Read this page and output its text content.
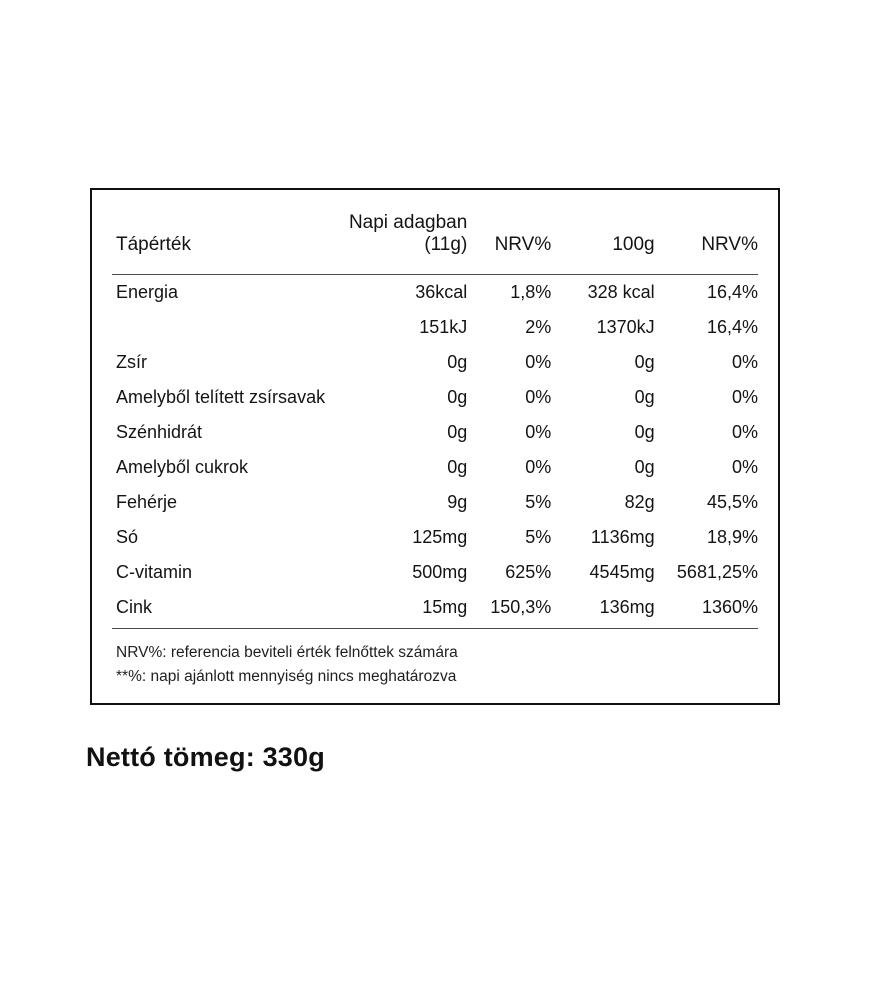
Tápérték	Napi adagban (11g)	NRV%	100g	NRV%
Energia	36kcal	1,8%	328 kcal	16,4%
	151kJ	2%	1370kJ	16,4%
Zsír	0g	0%	0g	0%
Amelyből telített zsírsavak	0g	0%	0g	0%
Szénhidrát	0g	0%	0g	0%
Amelyből cukrok	0g	0%	0g	0%
Fehérje	9g	5%	82g	45,5%
Só	125mg	5%	1136mg	18,9%
C-vitamin	500mg	625%	4545mg	5681,25%
Cink	15mg	150,3%	136mg	1360%
NRV%: referencia beviteli érték felnőttek számára
**%: napi ajánlott mennyiség nincs meghatározva
Nettó tömeg: 330g
